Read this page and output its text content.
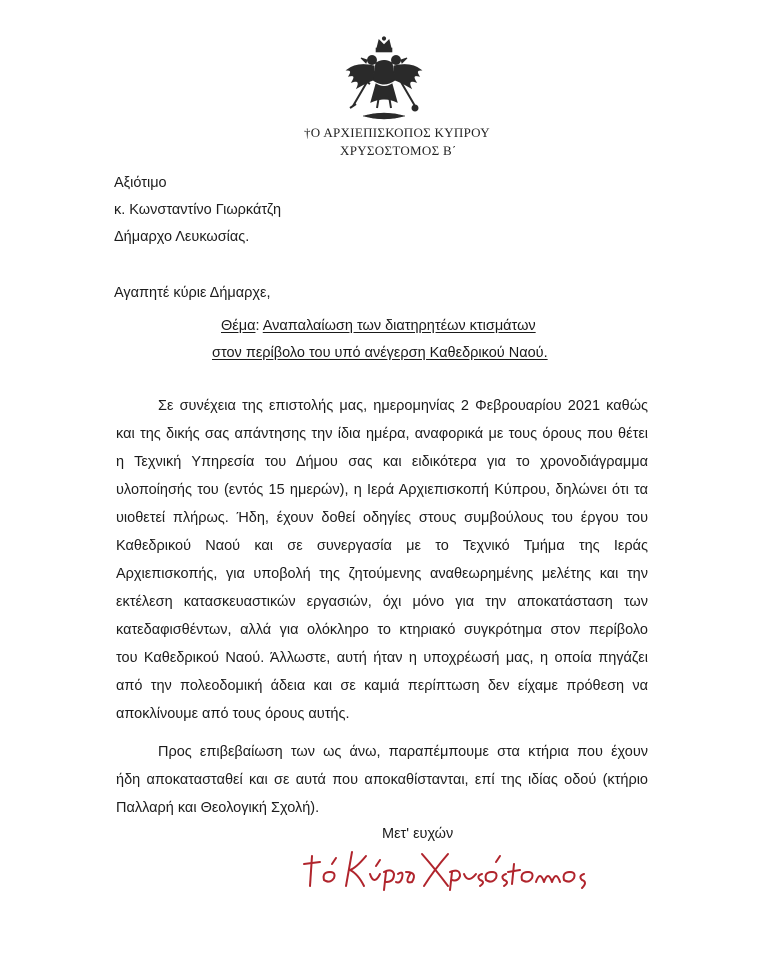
†Ο ΑΡΧΙΕΠΙΣΚΟΠΟΣ ΚΥΠΡΟΥ
ΧΡΥΣΟΣΤΟΜΟΣ Β΄
Αξιότιμο
κ. Κωνσταντίνο Γιωρκάτζη
Δήμαρχο Λευκωσίας.
Αγαπητέ κύριε Δήμαρχε,
Θέμα: Αναπαλαίωση των διατηρητέων κτισμάτων
στον περίβολο του υπό ανέγερση Καθεδρικού Ναού.
Σε συνέχεια της επιστολής μας, ημερομηνίας 2 Φεβρουαρίου 2021 καθώς
και της δικής σας απάντησης την ίδια ημέρα, αναφορικά με τους όρους που θέτει
η Τεχνική Υπηρεσία του Δήμου σας και ειδικότερα για το χρονοδιάγραμμα
υλοποίησής του (εντός 15 ημερών), η Ιερά Αρχιεπισκοπή Κύπρου, δηλώνει ότι τα
υιοθετεί πλήρως. Ήδη, έχουν δοθεί οδηγίες στους συμβούλους του έργου του
Καθεδρικού Ναού και σε συνεργασία με το Τεχνικό Τμήμα της Ιεράς
Αρχιεπισκοπής, για υποβολή της ζητούμενης αναθεωρημένης μελέτης και την
εκτέλεση κατασκευαστικών εργασιών, όχι μόνο για την αποκατάσταση των
κατεδαφισθέντων, αλλά για ολόκληρο το κτηριακό συγκρότημα στον περίβολο
του Καθεδρικού Ναού. Άλλωστε, αυτή ήταν η υποχρέωσή μας, η οποία πηγάζει
από την πολεοδομική άδεια και σε καμιά περίπτωση δεν είχαμε πρόθεση να
αποκλίνουμε από τους όρους αυτής.
Προς επιβεβαίωση των ως άνω, παραπέμπουμε στα κτήρια που έχουν
ήδη αποκατασταθεί και σε αυτά που αποκαθίστανται, επί της ιδίας οδού (κτήριο
Παλλαρή και Θεολογική Σχολή).
Μετ' ευχών
